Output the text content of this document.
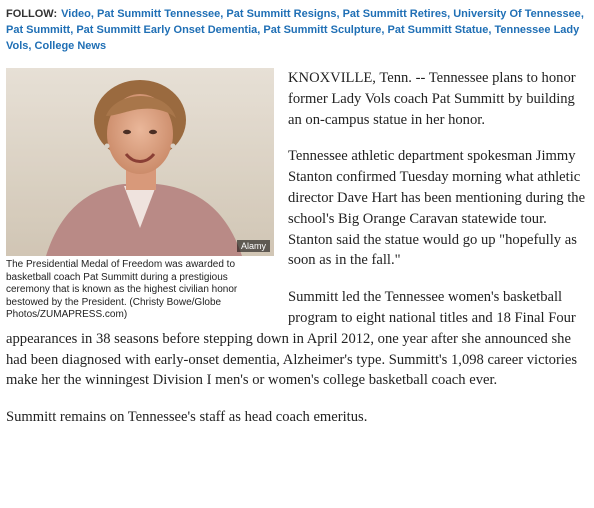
FOLLOW: Video, Pat Summitt Tennessee, Pat Summitt Resigns, Pat Summitt Retires, University Of Tennessee, Pat Summitt, Pat Summitt Early Onset Dementia, Pat Summitt Sculpture, Pat Summitt Statue, Tennessee Lady Vols, College News
Alamy
The Presidential Medal of Freedom was awarded to basketball coach Pat Summitt during a prestigious ceremony that is known as the highest civilian honor bestowed by the President. (Christy Bowe/Globe Photos/ZUMAPRESS.com)

KNOXVILLE, Tenn. -- Tennessee plans to honor former Lady Vols coach Pat Summitt by building an on-campus statue in her honor.

Tennessee athletic department spokesman Jimmy Stanton confirmed Tuesday morning what athletic director Dave Hart has been mentioning during the school's Big Orange Caravan statewide tour. Stanton said the statue would go up "hopefully as soon as in the fall."

Summitt led the Tennessee women's basketball program to eight national titles and 18 Final Four appearances in 38 seasons before stepping down in April 2012, one year after she announced she had been diagnosed with early-onset dementia, Alzheimer's type. Summitt's 1,098 career victories make her the winningest Division I men's or women's college basketball coach ever.

Summitt remains on Tennessee's staff as head coach emeritus.
